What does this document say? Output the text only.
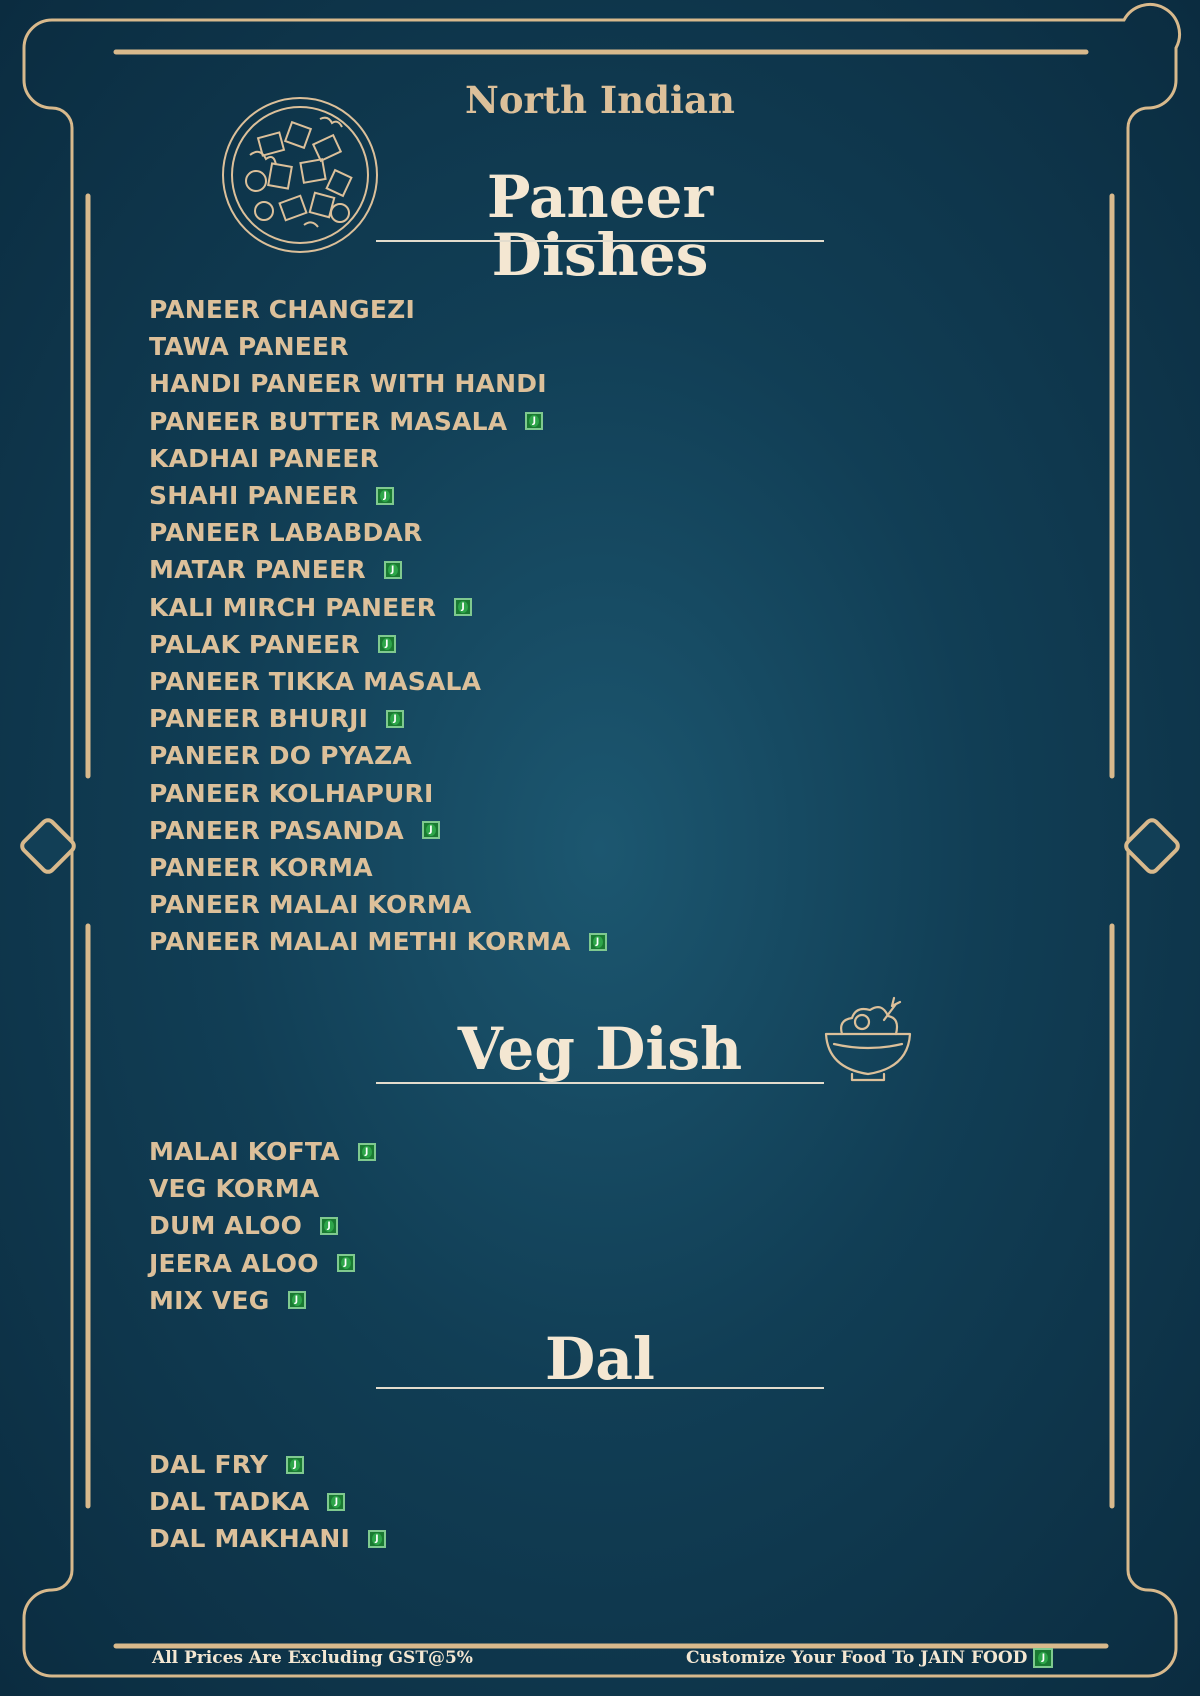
North Indian
Paneer Dishes
PANEER CHANGEZI
TAWA PANEER
HANDI PANEER WITH HANDI
PANEER BUTTER MASALA
J
KADHAI PANEER
SHAHI PANEER
J
PANEER LABABDAR
MATAR PANEER
J
KALI MIRCH PANEER
J
PALAK PANEER
J
PANEER TIKKA MASALA
PANEER BHURJI
J
PANEER DO PYAZA
PANEER KOLHAPURI
PANEER PASANDA
J
PANEER KORMA
PANEER MALAI KORMA
PANEER MALAI METHI KORMA
J
Veg Dish
MALAI KOFTA
J
VEG KORMA
DUM ALOO
J
JEERA ALOO
J
MIX VEG
J
Dal
DAL FRY
J
DAL TADKA
J
DAL MAKHANI
J
All Prices Are Excluding GST@5%	Customize Your Food To JAIN FOOD
J
